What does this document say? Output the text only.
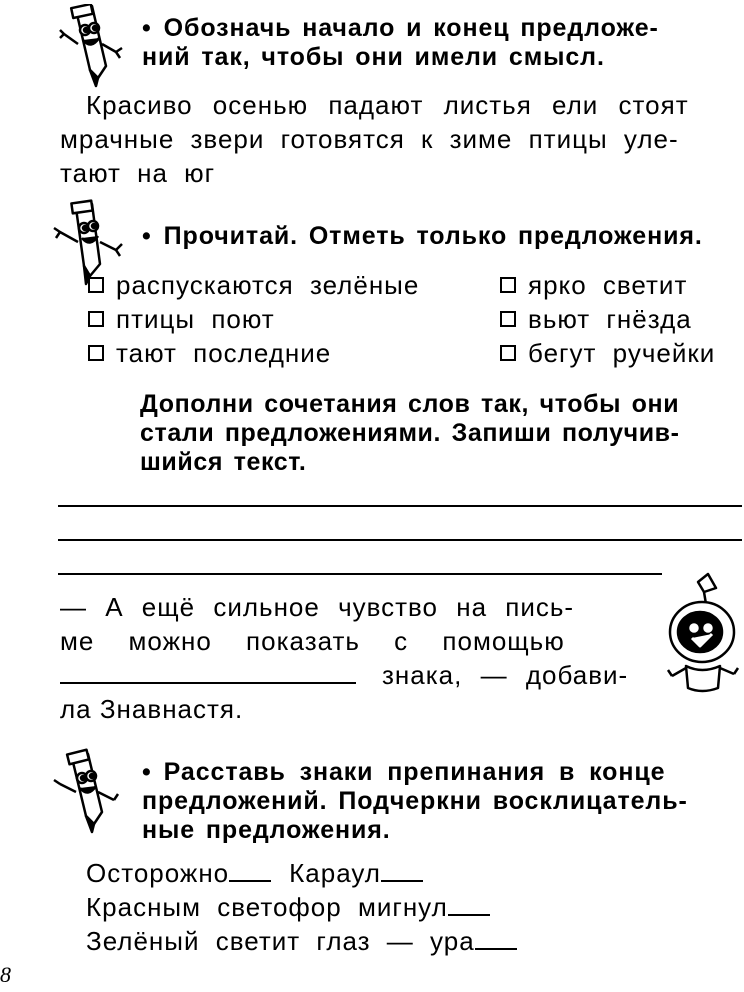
• Обозначь начало и конец предложе-
ний так, чтобы они имели смысл.
Красиво осенью падают листья ели стоят
мрачные звери готовятся к зиме птицы уле-
тают на юг
• Прочитай. Отметь только предложения.
распускаются зелёные
птицы поют
тают последние
ярко светит
вьют гнёзда
бегут ручейки
Дополни сочетания слов так, чтобы они
стали предложениями. Запиши получив-
шийся текст.
— А ещё сильное чувство на пись-
ме можно показать с помощью
знака, — добави-
ла Знавнастя.
• Расставь знаки препинания в конце
предложений. Подчеркни восклицатель-
ные предложения.
Осторожно Караул
Красным светофор мигнул
Зелёный светит глаз — ура
8
